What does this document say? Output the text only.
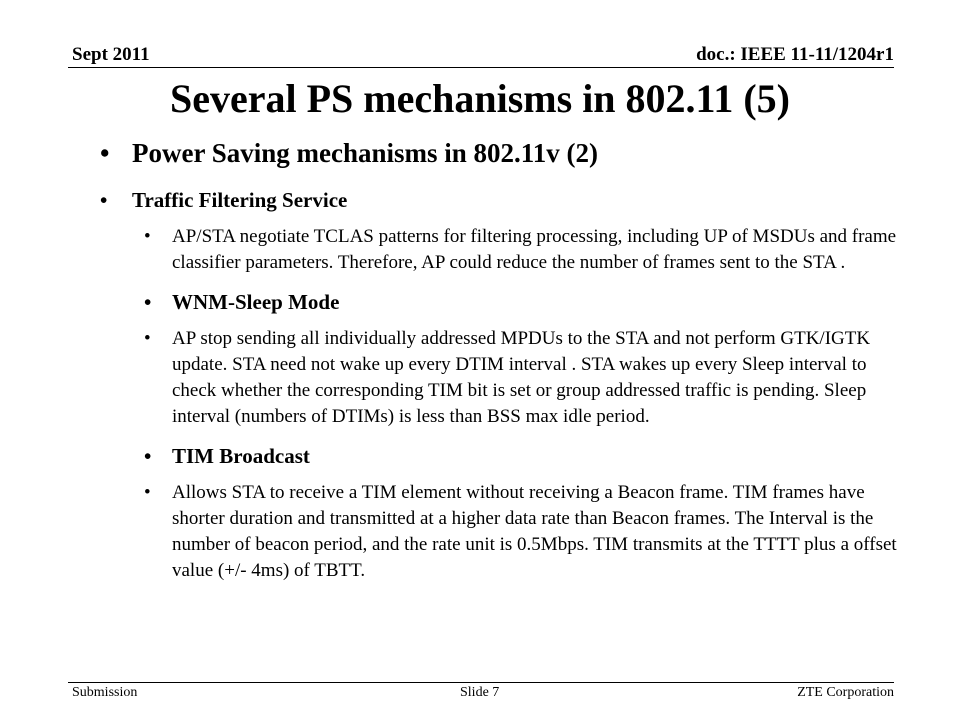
Sept 2011	doc.: IEEE 11-11/1204r1
Several PS mechanisms in 802.11 (5)
• Power Saving mechanisms in 802.11v (2)
• Traffic Filtering Service
• AP/STA negotiate TCLAS patterns for filtering processing, including UP of MSDUs and frame classifier parameters. Therefore, AP could reduce the number of frames sent to the STA .
• WNM-Sleep Mode
• AP stop sending all individually addressed MPDUs to the STA and not perform GTK/IGTK update. STA need not wake up every DTIM interval . STA wakes up every Sleep interval to check whether the corresponding TIM bit is set or group addressed traffic is pending. Sleep interval (numbers of DTIMs) is less than BSS max idle period.
• TIM Broadcast
• Allows STA to receive a TIM element without receiving a Beacon frame. TIM frames have shorter duration and transmitted at a higher data rate than Beacon frames. The Interval is the number of beacon period, and the rate unit is 0.5Mbps. TIM transmits at the TTTT plus a offset value (+/- 4ms) of TBTT.
Submission	Slide 7	ZTE Corporation
